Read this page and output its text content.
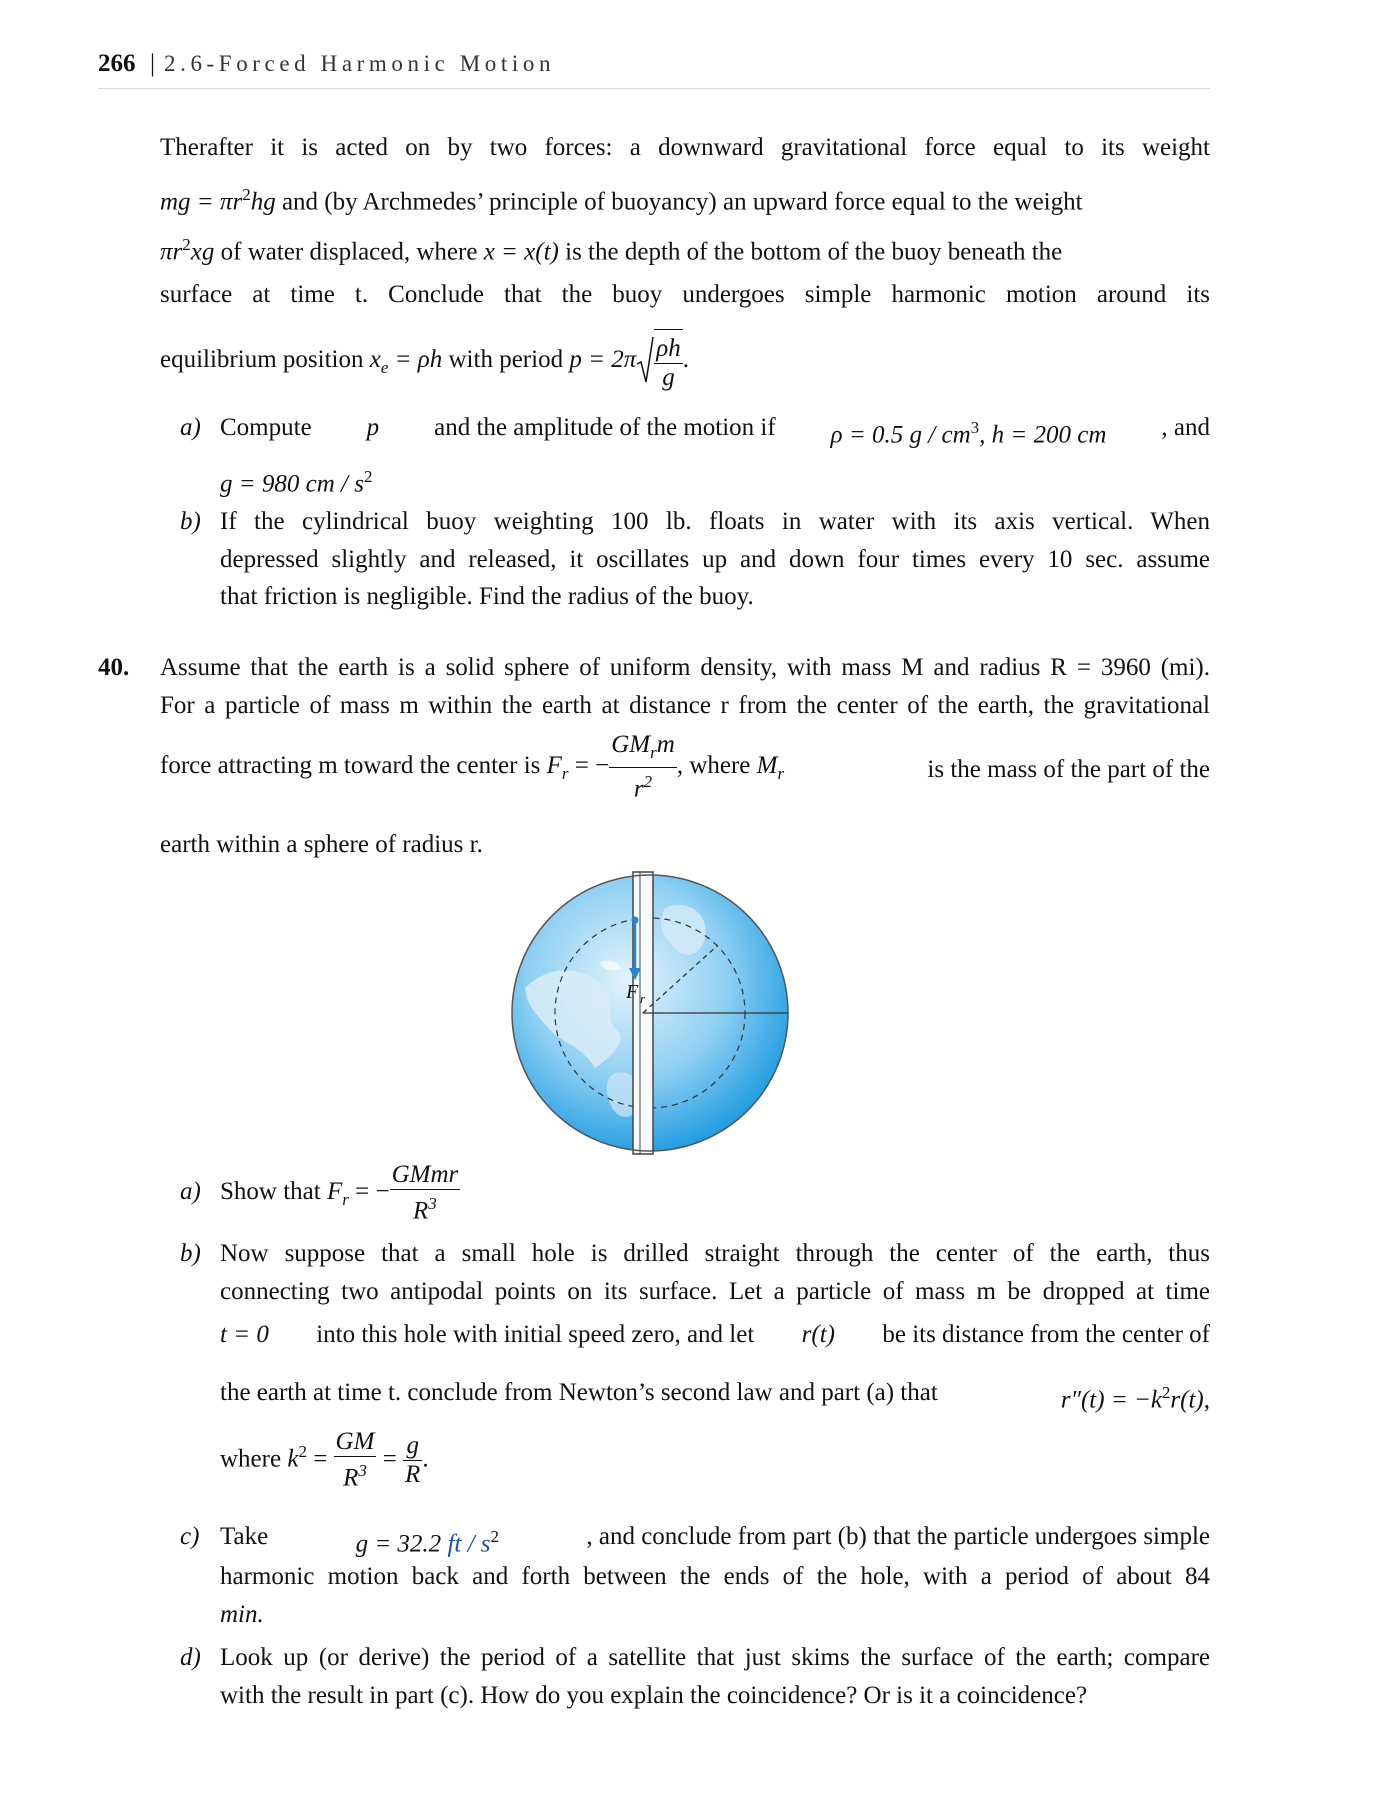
266 | 2.6-Forced Harmonic Motion
Therafter it is acted on by two forces: a downward gravitational force equal to its weight
mg = $\pi r^2hg$ and (by Archmedes’ principle of buoyancy) an upward force equal to the weight
$\pi r^2xg$ of water displaced, where x = x(t) is the depth of the bottom of the buoy beneath the
surface at time t. Conclude that the buoy undergoes simple harmonic motion around its
equilibrium position $x_e = \rho h$ with period $p = 2\pi \frac{\rho h}{g}$ .
a) Compute p and the amplitude of the motion if ρ = 0.5 g / $cm^3$, h = 200 cm , and
g = 980 cm / $s^2$
b) If the cylindrical buoy weighting 100 lb. floats in water with its axis vertical. When
depressed slightly and released, it oscillates up and down four times every 10 sec. assume
that friction is negligible. Find the radius of the buoy.
40. Assume that the earth is a solid sphere of uniform density, with mass M and radius R = 3960 (mi).
For a particle of mass m within the earth at distance r from the center of the earth, the gravitational
force attracting m toward the center is $F_r$ = − $\frac{GM_rm}{r^2}$ , where $M_r$	is the mass of the part of the
earth within a sphere of radius r.
F r
a) Show that $F_r$ = − $\frac{\text{GMmr}}{R^3}$
b) Now suppose that a small hole is drilled straight through the center of the earth, thus
connecting two antipodal points on its surface. Let a particle of mass m be dropped at time
t = 0 into this hole with initial speed zero, and let r(t) be its distance from the center of
the earth at time t. conclude from Newton’s second law and part (a) that	$r''(t) = -k^2r(t)$,
where $k^2 = \frac{GM}{R^3} = \frac{g}{R}$ .
c) Take	g = 32.2 ft / $s^2$	, and conclude from part (b) that the particle undergoes simple
harmonic motion back and forth between the ends of the hole, with a period of about 84
min.
d) Look up (or derive) the period of a satellite that just skims the surface of the earth; compare
with the result in part (c). How do you explain the coincidence? Or is it a coincidence?
